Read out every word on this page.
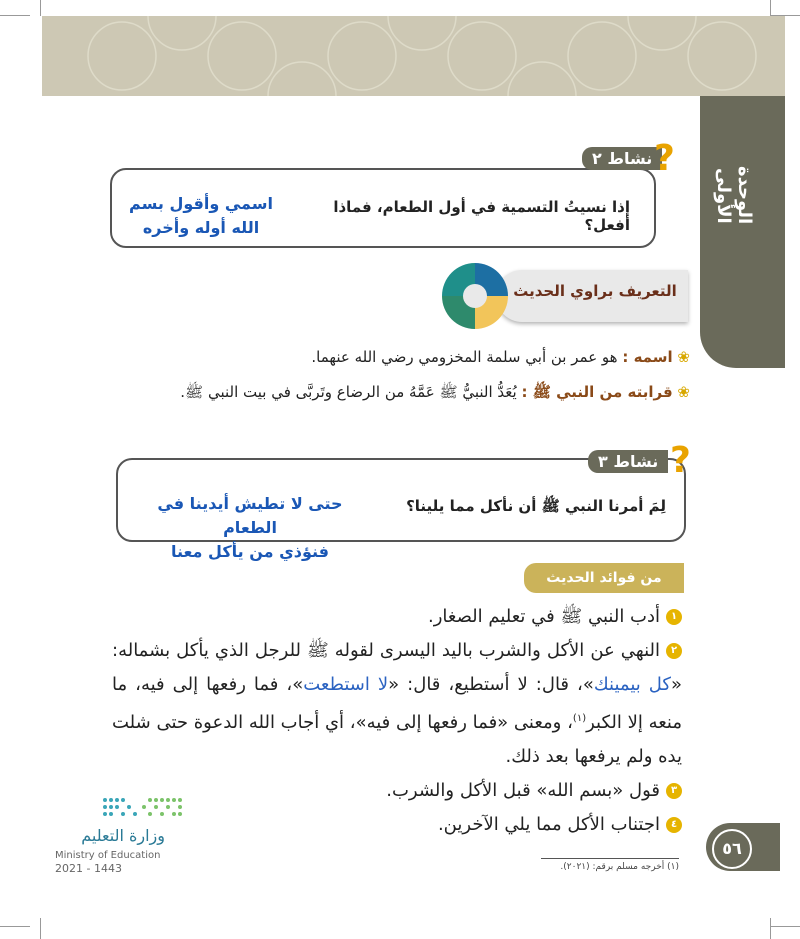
الوحدة الأولى
نشاط ٢ ?
إذا نسيتُ التسمية في أول الطعام، فماذا أفعل؟
اسمي وأقول بسم
الله أوله وأخره
التعريف براوي الحديث
❀ اسمه : هو عمر بن أبي سلمة المخزومي رضي الله عنهما.
❀ قرابته من النبي ﷺ : يُعَدُّ النبيُّ ﷺ عَمَّهُ من الرضاع وتَربَّى في بيت النبي ﷺ.
نشاط ٣ ?
لِمَ أمرنا النبي ﷺ أن نأكل مما يلينا؟
حتى لا تطيش أيدينا في الطعام
فنؤذي من يأكل معنا
من فوائد الحديث
١أدب النبي ﷺ في تعليم الصغار.
٢النهي عن الأكل والشرب باليد اليسرى لقوله ﷺ للرجل الذي يأكل بشماله: «كل بيمينك»، قال: لا أستطيع، قال: «لا استطعت»، فما رفعها إلى فيه، ما منعه إلا الكبر$^{(١)}$، ومعنى «فما رفعها إلى فيه»، أي أجاب الله الدعوة حتى شلت يده ولم يرفعها بعد ذلك.
٣قول «بسم الله» قبل الأكل والشرب.
٤اجتناب الأكل مما يلي الآخرين.
٥٦
(١) أخرجه مسلم برقم: (٢٠٢١).
وزارة التعليم
Ministry of Education
2021 - 1443
